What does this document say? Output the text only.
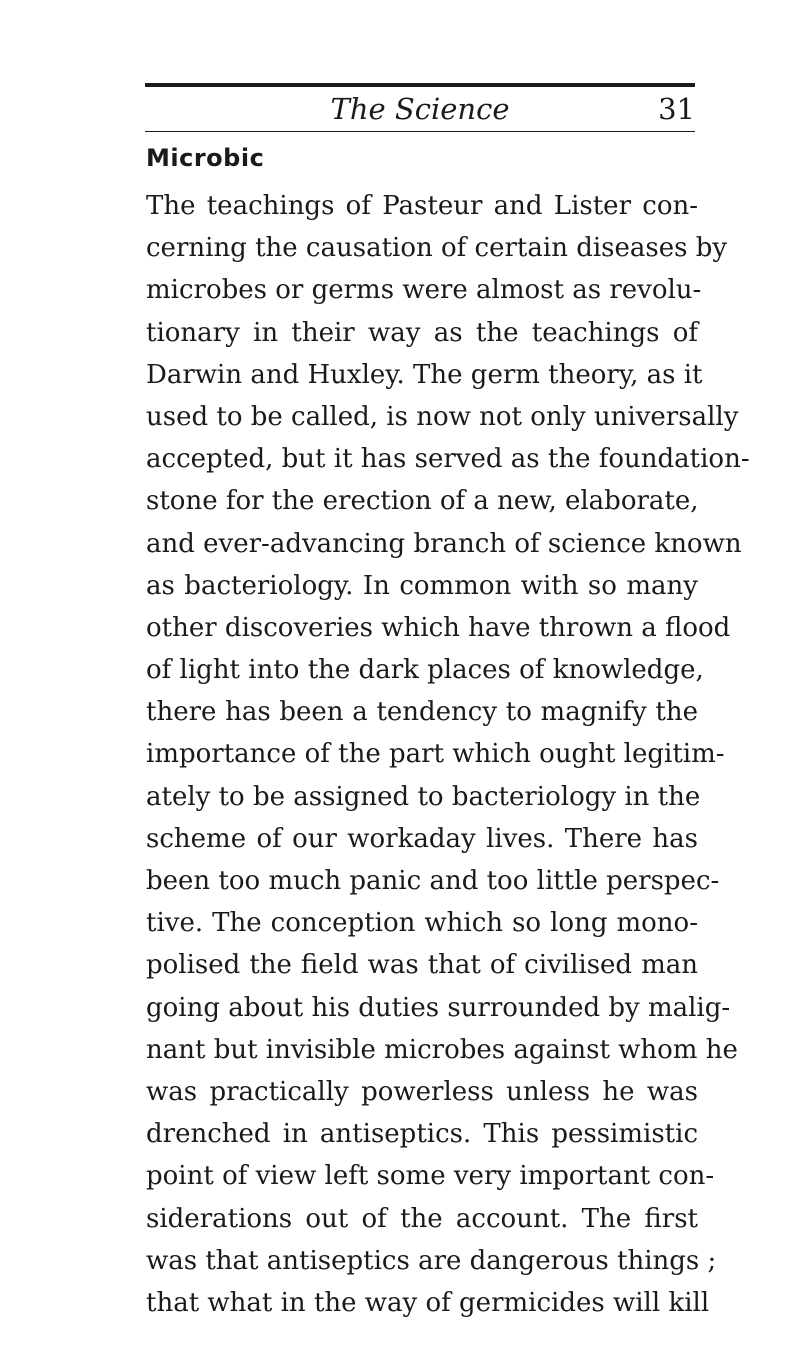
The Science	31
Microbic
The teachings of Pasteur and Lister con-
cerning the causation of certain diseases by
microbes or germs were almost as revolu-
tionary in their way as the teachings of
Darwin and Huxley. The germ theory, as it
used to be called, is now not only universally
accepted, but it has served as the foundation-
stone for the erection of a new, elaborate,
and ever-advancing branch of science known
as bacteriology. In common with so many
other discoveries which have thrown a flood
of light into the dark places of knowledge,
there has been a tendency to magnify the
importance of the part which ought legitim-
ately to be assigned to bacteriology in the
scheme of our workaday lives. There has
been too much panic and too little perspec-
tive. The conception which so long mono-
polised the field was that of civilised man
going about his duties surrounded by malig-
nant but invisible microbes against whom he
was practically powerless unless he was
drenched in antiseptics. This pessimistic
point of view left some very important con-
siderations out of the account. The first
was that antiseptics are dangerous things ;
that what in the way of germicides will kill
